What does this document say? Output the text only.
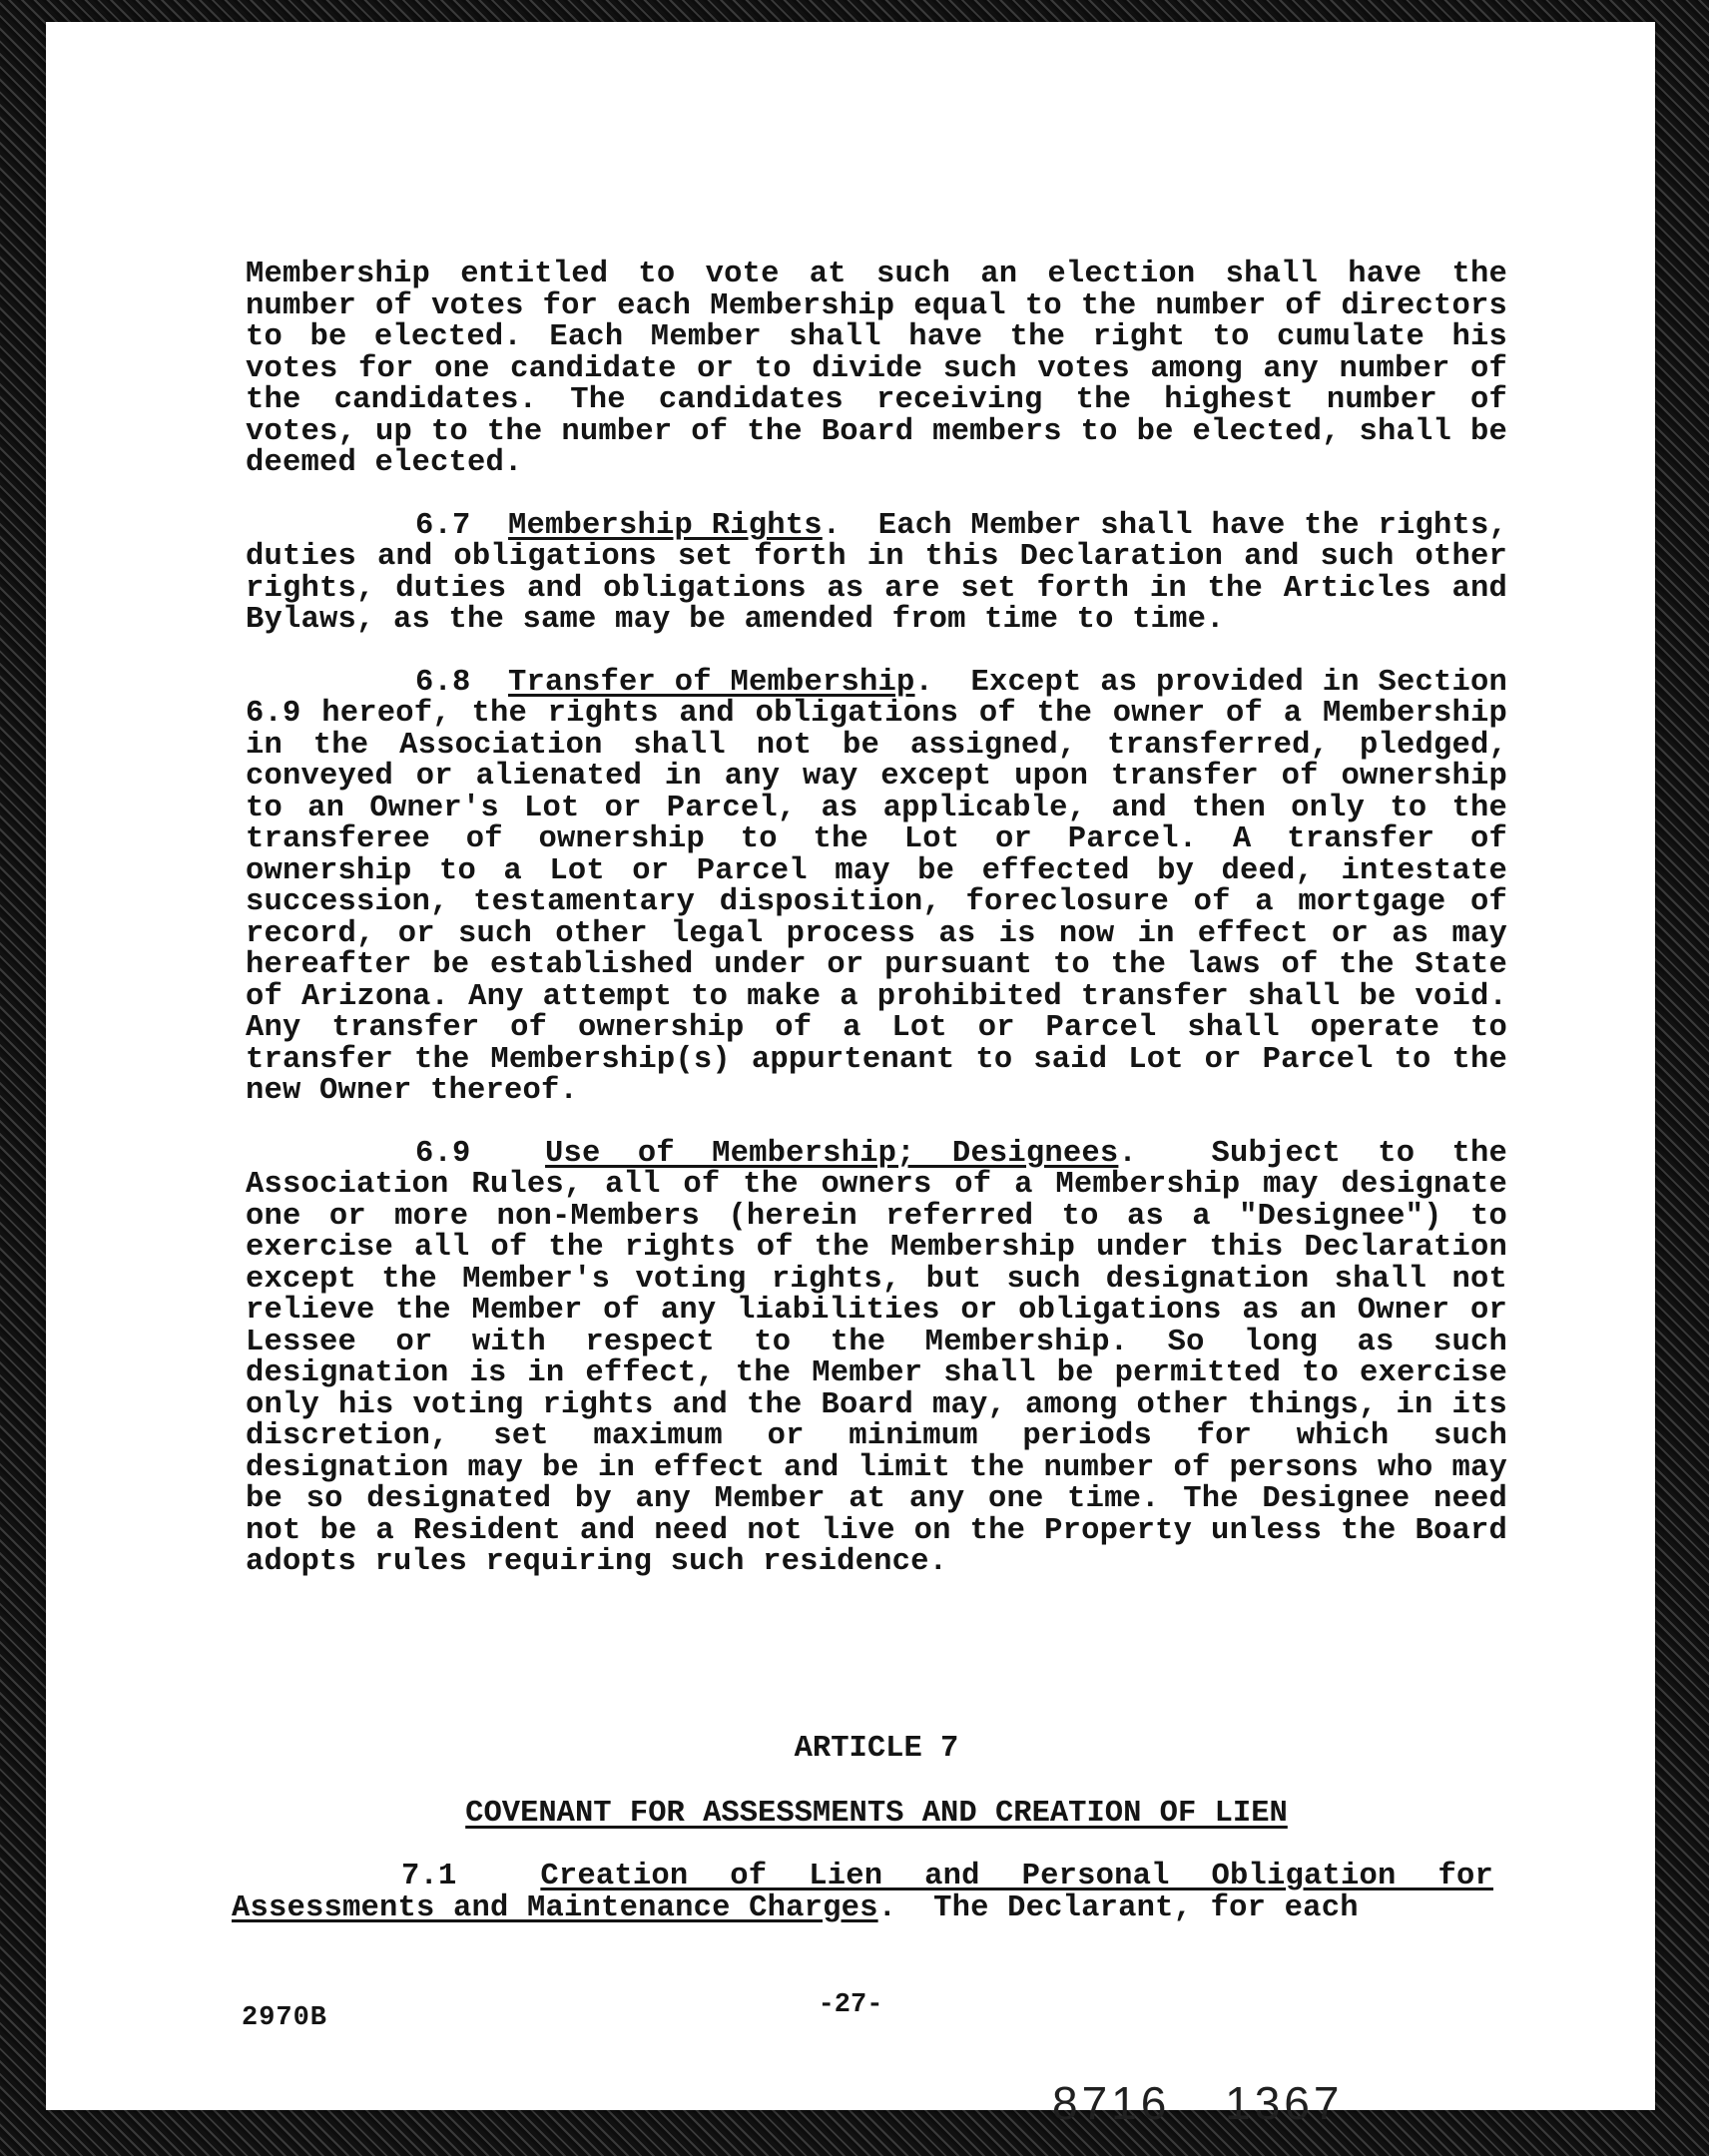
Membership entitled to vote at such an election shall have the number of votes for each Membership equal to the number of directors to be elected. Each Member shall have the right to cumulate his votes for one candidate or to divide such votes among any number of the candidates. The candidates receiving the highest number of votes, up to the number of the Board members to be elected, shall be deemed elected.

6.7 Membership Rights.  Each Member shall have the rights, duties and obligations set forth in this Declaration and such other rights, duties and obligations as are set forth in the Articles and Bylaws, as the same may be amended from time to time.

6.8 Transfer of Membership.  Except as provided in Section 6.9 hereof, the rights and obligations of the owner of a Membership in the Association shall not be assigned, transferred, pledged, conveyed or alienated in any way except upon transfer of ownership to an Owner's Lot or Parcel, as applicable, and then only to the transferee of ownership to the Lot or Parcel. A transfer of ownership to a Lot or Parcel may be effected by deed, intestate succession, testamentary disposition, foreclosure of a mortgage of record, or such other legal process as is now in effect or as may hereafter be established under or pursuant to the laws of the State of Arizona. Any attempt to make a prohibited transfer shall be void. Any transfer of ownership of a Lot or Parcel shall operate to transfer the Membership(s) appurtenant to said Lot or Parcel to the new Owner thereof.

6.9 Use of Membership; Designees.  Subject to the Association Rules, all of the owners of a Membership may designate one or more non-Members (herein referred to as a "Designee") to exercise all of the rights of the Membership under this Declaration except the Member's voting rights, but such designation shall not relieve the Member of any liabilities or obligations as an Owner or Lessee or with respect to the Membership. So long as such designation is in effect, the Member shall be permitted to exercise only his voting rights and the Board may, among other things, in its discretion, set maximum or minimum periods for which such designation may be in effect and limit the number of persons who may be so designated by any Member at any one time. The Designee need not be a Resident and need not live on the Property unless the Board adopts rules requiring such residence.

ARTICLE 7
COVENANT FOR ASSESSMENTS AND CREATION OF LIEN

7.1	Creation of Lien and Personal Obligation for Assessments and Maintenance Charges.  The Declarant, for each

-27-
2970B
8716 1367
